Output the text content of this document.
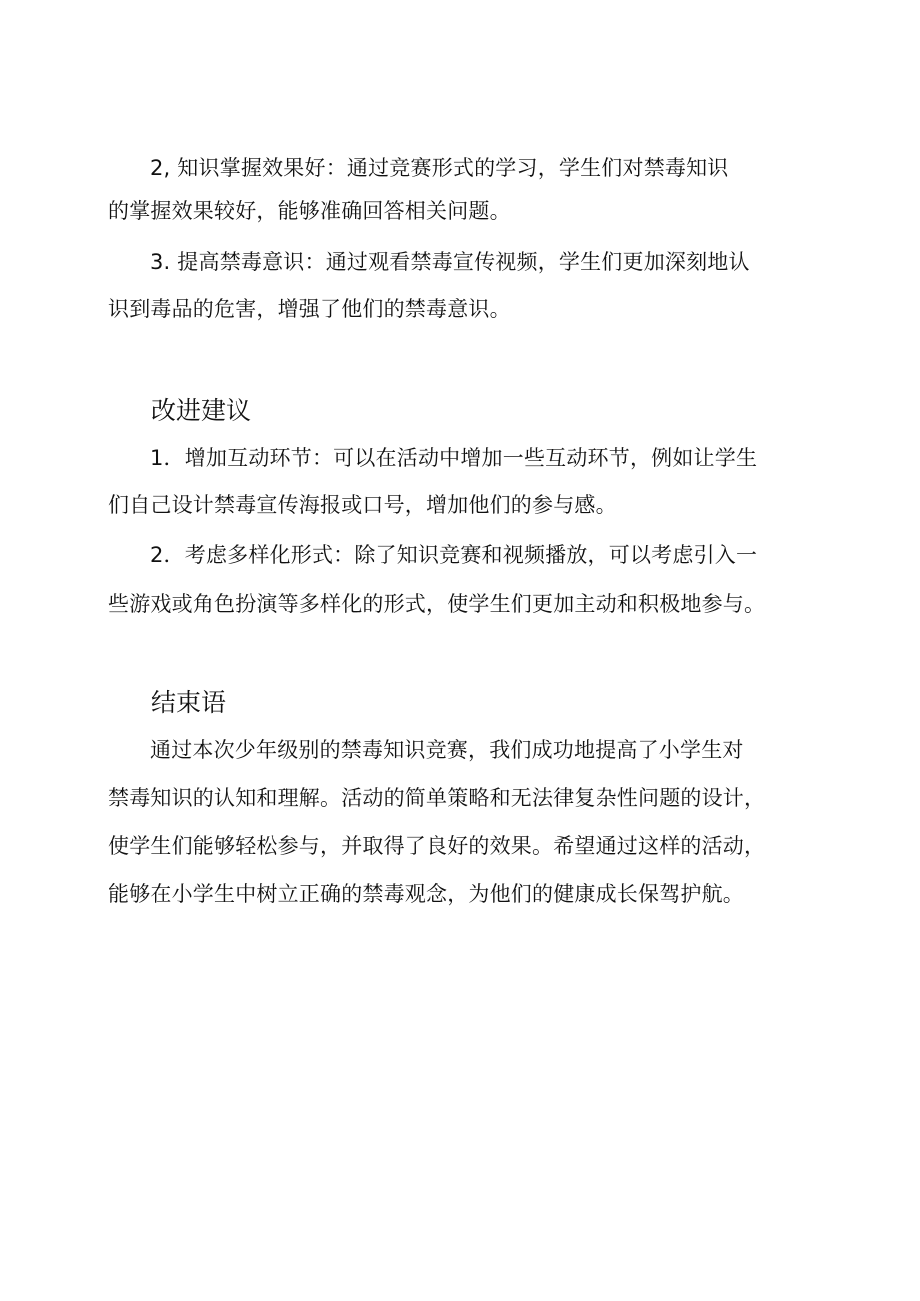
2, 知识掌握效果好：通过竞赛形式的学习，学生们对禁毒知识
的掌握效果较好，能够准确回答相关问题。
3. 提高禁毒意识：通过观看禁毒宣传视频，学生们更加深刻地认
识到毒品的危害，增强了他们的禁毒意识。
改进建议
1．增加互动环节：可以在活动中增加一些互动环节，例如让学生
们自己设计禁毒宣传海报或口号，增加他们的参与感。
2．考虑多样化形式：除了知识竞赛和视频播放，可以考虑引入一
些游戏或角色扮演等多样化的形式，使学生们更加主动和积极地参与。
结束语
通过本次少年级别的禁毒知识竞赛，我们成功地提高了小学生对
禁毒知识的认知和理解。活动的简单策略和无法律复杂性问题的设计，
使学生们能够轻松参与，并取得了良好的效果。希望通过这样的活动，
能够在小学生中树立正确的禁毒观念，为他们的健康成长保驾护航。
